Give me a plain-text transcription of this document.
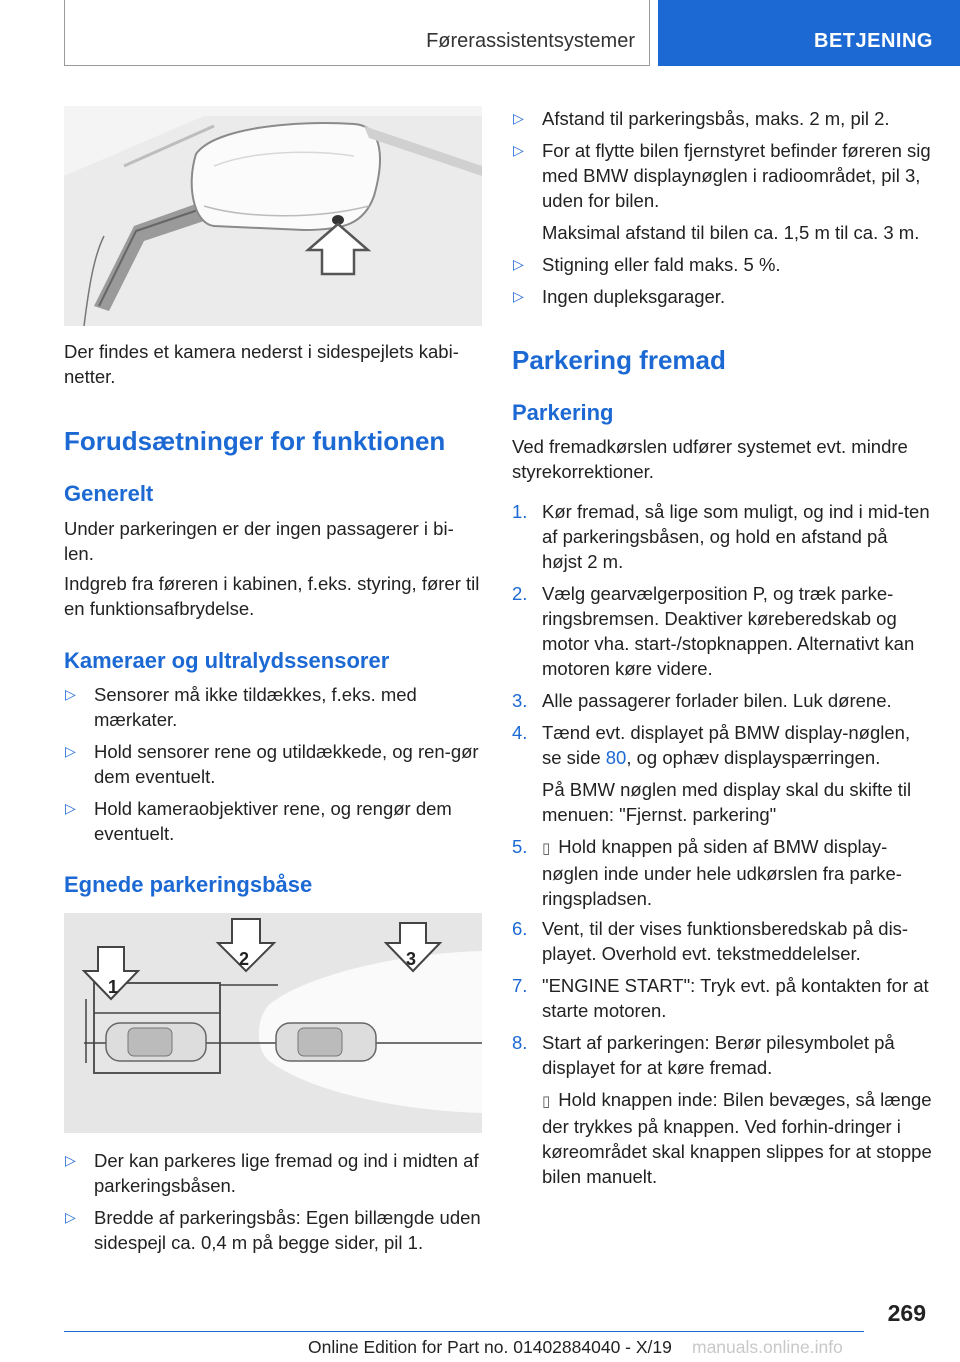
Førerassistentsystemer	BETJENING
Der findes et kamera nederst i sidespejlets kabi-netter.
Forudsætninger for funktionen
Generelt
Under parkeringen er der ingen passagerer i bi-len.
Indgreb fra føreren i kabinen, f.eks. styring, fører til en funktionsafbrydelse.
Kameraer og ultralydssensorer
▷ Sensorer må ikke tildækkes, f.eks. med mærkater.
▷ Hold sensorer rene og utildækkede, og ren-gør dem eventuelt.
▷ Hold kameraobjektiver rene, og rengør dem eventuelt.
Egnede parkeringsbåse
1
2	3
▷ Der kan parkeres lige fremad og ind i midten af parkeringsbåsen.
▷ Bredde af parkeringsbås: Egen billængde uden sidespejl ca. 0,4 m på begge sider, pil 1.
▷ Afstand til parkeringsbås, maks. 2 m, pil 2.
▷ For at flytte bilen fjernstyret befinder føreren sig med BMW displaynøglen i radioområdet, pil 3, uden for bilen.
Maksimal afstand til bilen ca. 1,5 m til ca. 3 m.
▷ Stigning eller fald maks. 5 %.
▷ Ingen dupleksgarager.
Parkering fremad
Parkering
Ved fremadkørslen udfører systemet evt. mindre styrekorrektioner.
1. Kør fremad, så lige som muligt, og ind i mid-ten af parkeringsbåsen, og hold en afstand på højst 2 m.
2. Vælg gearvælgerposition P, og træk parke-ringsbremsen. Deaktiver køreberedskab og motor vha. start-/stopknappen. Alternativt kan motoren køre videre.
3. Alle passagerer forlader bilen. Luk dørene.
4. Tænd evt. displayet på BMW display-nøglen, se side 80, og ophæv displayspærringen.
På BMW nøglen med display skal du skifte til menuen: "Fjernst. parkering"
5. ▯ Hold knappen på siden af BMW display-nøglen inde under hele udkørslen fra parke-ringspladsen.
6. Vent, til der vises funktionsberedskab på dis-playet. Overhold evt. tekstmeddelelser.
7. "ENGINE START": Tryk evt. på kontakten for at starte motoren.
8. Start af parkeringen: Berør pilesymbolet på displayet for at køre fremad.
▯ Hold knappen inde: Bilen bevæges, så længe der trykkes på knappen. Ved forhin-dringer i køreområdet skal knappen slippes for at stoppe bilen manuelt.
269
Online Edition for Part no. 01402884040 - X/19 manuals.online.info
